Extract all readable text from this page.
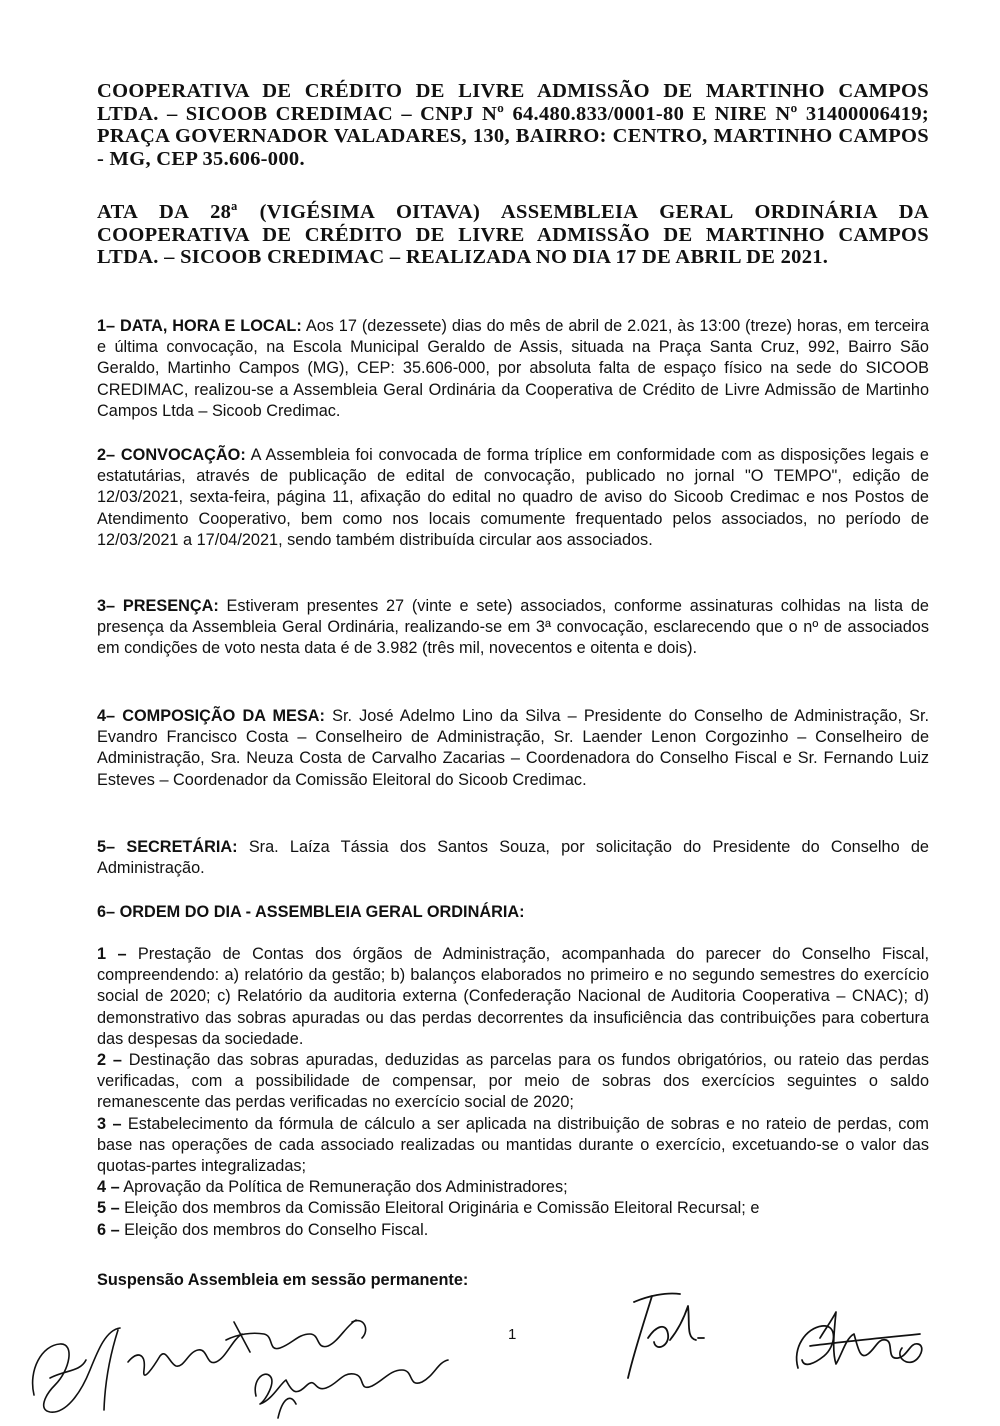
COOPERATIVA DE CRÉDITO DE LIVRE ADMISSÃO DE MARTINHO CAMPOS LTDA. – SICOOB CREDIMAC – CNPJ Nº 64.480.833/0001-80 E NIRE Nº 31400006419; PRAÇA GOVERNADOR VALADARES, 130, BAIRRO: CENTRO, MARTINHO CAMPOS - MG, CEP 35.606-000.
ATA DA 28ª (VIGÉSIMA OITAVA) ASSEMBLEIA GERAL ORDINÁRIA DA COOPERATIVA DE CRÉDITO DE LIVRE ADMISSÃO DE MARTINHO CAMPOS LTDA. – SICOOB CREDIMAC – REALIZADA NO DIA 17 DE ABRIL DE 2021.
1– DATA, HORA E LOCAL: Aos 17 (dezessete) dias do mês de abril de 2.021, às 13:00 (treze) horas, em terceira e última convocação, na Escola Municipal Geraldo de Assis, situada na Praça Santa Cruz, 992, Bairro São Geraldo, Martinho Campos (MG), CEP: 35.606-000, por absoluta falta de espaço físico na sede do SICOOB CREDIMAC, realizou-se a Assembleia Geral Ordinária da Cooperativa de Crédito de Livre Admissão de Martinho Campos Ltda – Sicoob Credimac.
2– CONVOCAÇÃO: A Assembleia foi convocada de forma tríplice em conformidade com as disposições legais e estatutárias, através de publicação de edital de convocação, publicado no jornal "O TEMPO", edição de 12/03/2021, sexta-feira, página 11, afixação do edital no quadro de aviso do Sicoob Credimac e nos Postos de Atendimento Cooperativo, bem como nos locais comumente frequentado pelos associados, no período de 12/03/2021 a 17/04/2021, sendo também distribuída circular aos associados.
3– PRESENÇA: Estiveram presentes 27 (vinte e sete) associados, conforme assinaturas colhidas na lista de presença da Assembleia Geral Ordinária, realizando-se em 3ª convocação, esclarecendo que o nº de associados em condições de voto nesta data é de 3.982 (três mil, novecentos e oitenta e dois).
4– COMPOSIÇÃO DA MESA: Sr. José Adelmo Lino da Silva – Presidente do Conselho de Administração, Sr. Evandro Francisco Costa – Conselheiro de Administração, Sr. Laender Lenon Corgozinho – Conselheiro de Administração, Sra. Neuza Costa de Carvalho Zacarias – Coordenadora do Conselho Fiscal e Sr. Fernando Luiz Esteves – Coordenador da Comissão Eleitoral do Sicoob Credimac.
5– SECRETÁRIA: Sra. Laíza Tássia dos Santos Souza, por solicitação do Presidente do Conselho de Administração.
6– ORDEM DO DIA - ASSEMBLEIA GERAL ORDINÁRIA:

1 – Prestação de Contas dos órgãos de Administração, acompanhada do parecer do Conselho Fiscal, compreendendo: a) relatório da gestão; b) balanços elaborados no primeiro e no segundo semestres do exercício social de 2020; c) Relatório da auditoria externa (Confederação Nacional de Auditoria Cooperativa – CNAC); d) demonstrativo das sobras apuradas ou das perdas decorrentes da insuficiência das contribuições para cobertura das despesas da sociedade.

2 – Destinação das sobras apuradas, deduzidas as parcelas para os fundos obrigatórios, ou rateio das perdas verificadas, com a possibilidade de compensar, por meio de sobras dos exercícios seguintes o saldo remanescente das perdas verificadas no exercício social de 2020;

3 – Estabelecimento da fórmula de cálculo a ser aplicada na distribuição de sobras e no rateio de perdas, com base nas operações de cada associado realizadas ou mantidas durante o exercício, excetuando-se o valor das quotas-partes integralizadas;

4 – Aprovação da Política de Remuneração dos Administradores;

5 – Eleição dos membros da Comissão Eleitoral Originária e Comissão Eleitoral Recursal; e

6 – Eleição dos membros do Conselho Fiscal.

Suspensão Assembleia em sessão permanente:
1
